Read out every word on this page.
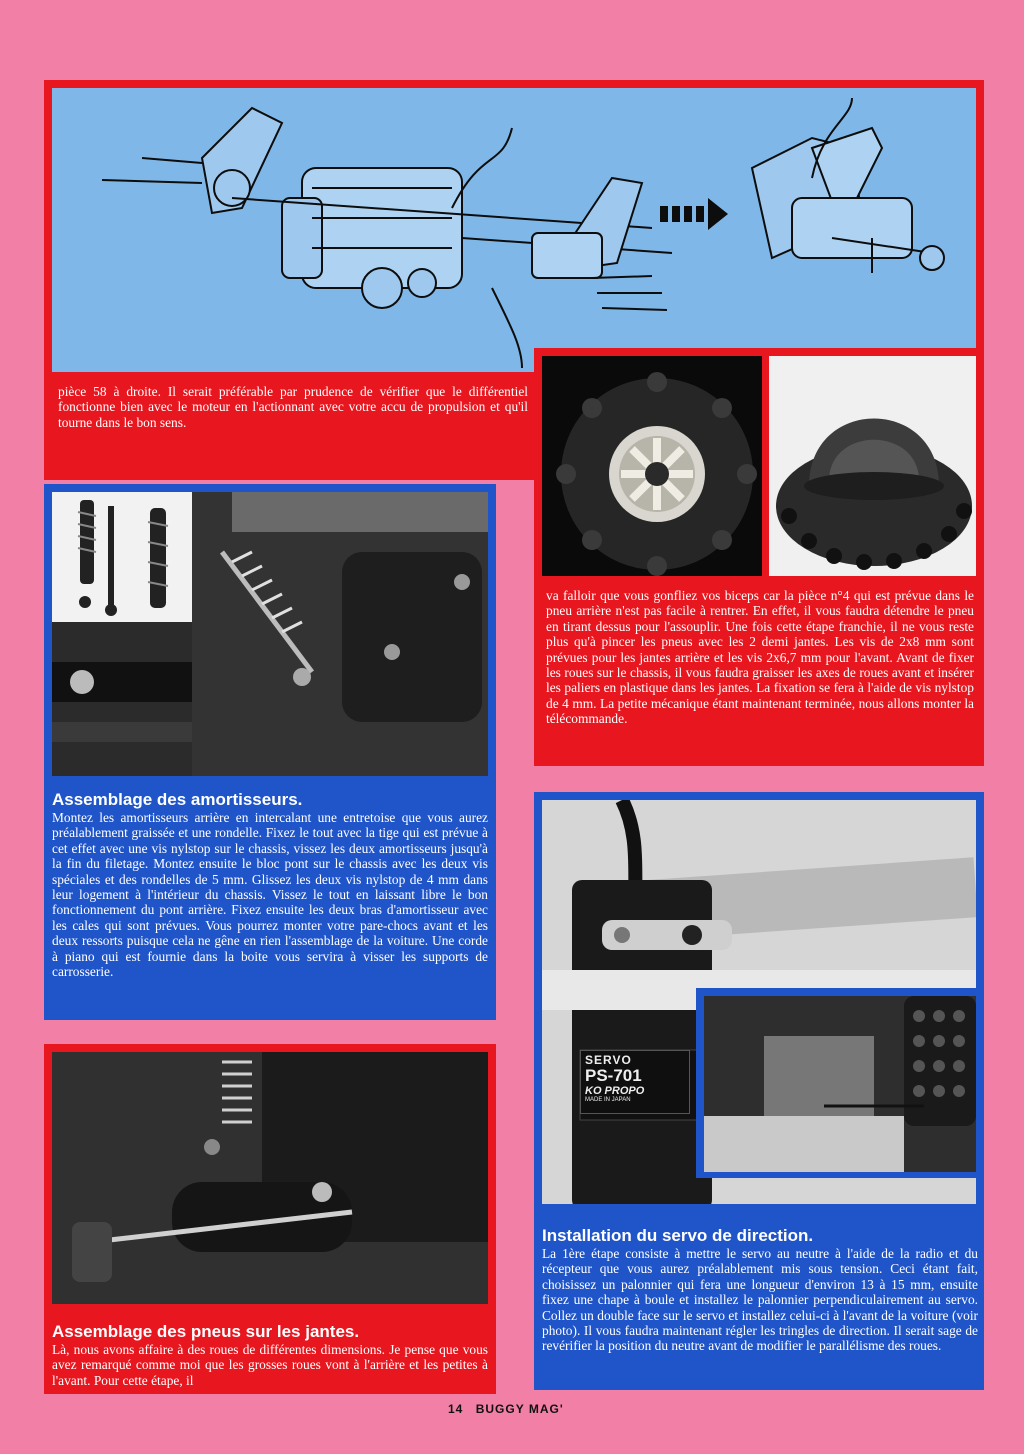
pièce 58 à droite. Il serait préférable par prudence de vérifier que le différentiel fonctionne bien avec le moteur en l'actionnant avec votre accu de propulsion et qu'il tourne dans le bon sens.

va falloir que vous gonfliez vos biceps car la pièce n°4 qui est prévue dans le pneu arrière n'est pas facile à rentrer. En effet, il vous faudra détendre le pneu en tirant dessus pour l'assouplir. Une fois cette étape franchie, il ne vous reste plus qu'à pincer les pneus avec les 2 demi jantes. Les vis de 2x8 mm sont prévues pour les jantes arrière et les vis 2x6,7 mm pour l'avant. Avant de fixer les roues sur le chassis, il vous faudra graisser les axes de roues avant et insérer les paliers en plastique dans les jantes. La fixation se fera à l'aide de vis nylstop de 4 mm. La petite mécanique étant maintenant terminée, nous allons monter la télécommande.

Assemblage des amortisseurs.
Montez les amortisseurs arrière en intercalant une entretoise que vous aurez préalablement graissée et une rondelle. Fixez le tout avec la tige qui est prévue à cet effet avec une vis nylstop sur le chassis, vissez les deux amortisseurs jusqu'à la fin du filetage. Montez ensuite le bloc pont sur le chassis avec les deux vis spéciales et des rondelles de 5 mm. Glissez les deux vis nylstop de 4 mm dans leur logement à l'intérieur du chassis. Vissez le tout en laissant libre le bon fonctionnement du pont arrière. Fixez ensuite les deux bras d'amortisseur avec les cales qui sont prévues. Vous pourrez monter votre pare-chocs avant et les deux ressorts puisque cela ne gêne en rien l'assemblage de la voiture. Une corde à piano qui est fournie dans la boite vous servira à visser les supports de carrosserie.
SERVO
PS-701
KO PROPO
MADE IN JAPAN
Installation du servo de direction.
La 1ère étape consiste à mettre le servo au neutre à l'aide de la radio et du récepteur que vous aurez préalablement mis sous tension. Ceci étant fait, choisissez un palonnier qui fera une longueur d'environ 13 à 15 mm, ensuite fixez une chape à boule et installez le palonnier perpendiculairement au servo. Collez un double face sur le servo et installez celui-ci à l'avant de la voiture (voir photo). Il vous faudra maintenant régler les tringles de direction. Il serait sage de revérifier la position du neutre avant de modifier le parallélisme des roues.
Assemblage des pneus sur les jantes.
Là, nous avons affaire à des roues de différentes dimensions. Je pense que vous avez remarqué comme moi que les grosses roues vont à l'arrière et les petites à l'avant. Pour cette étape, il
14 BUGGY MAG'
